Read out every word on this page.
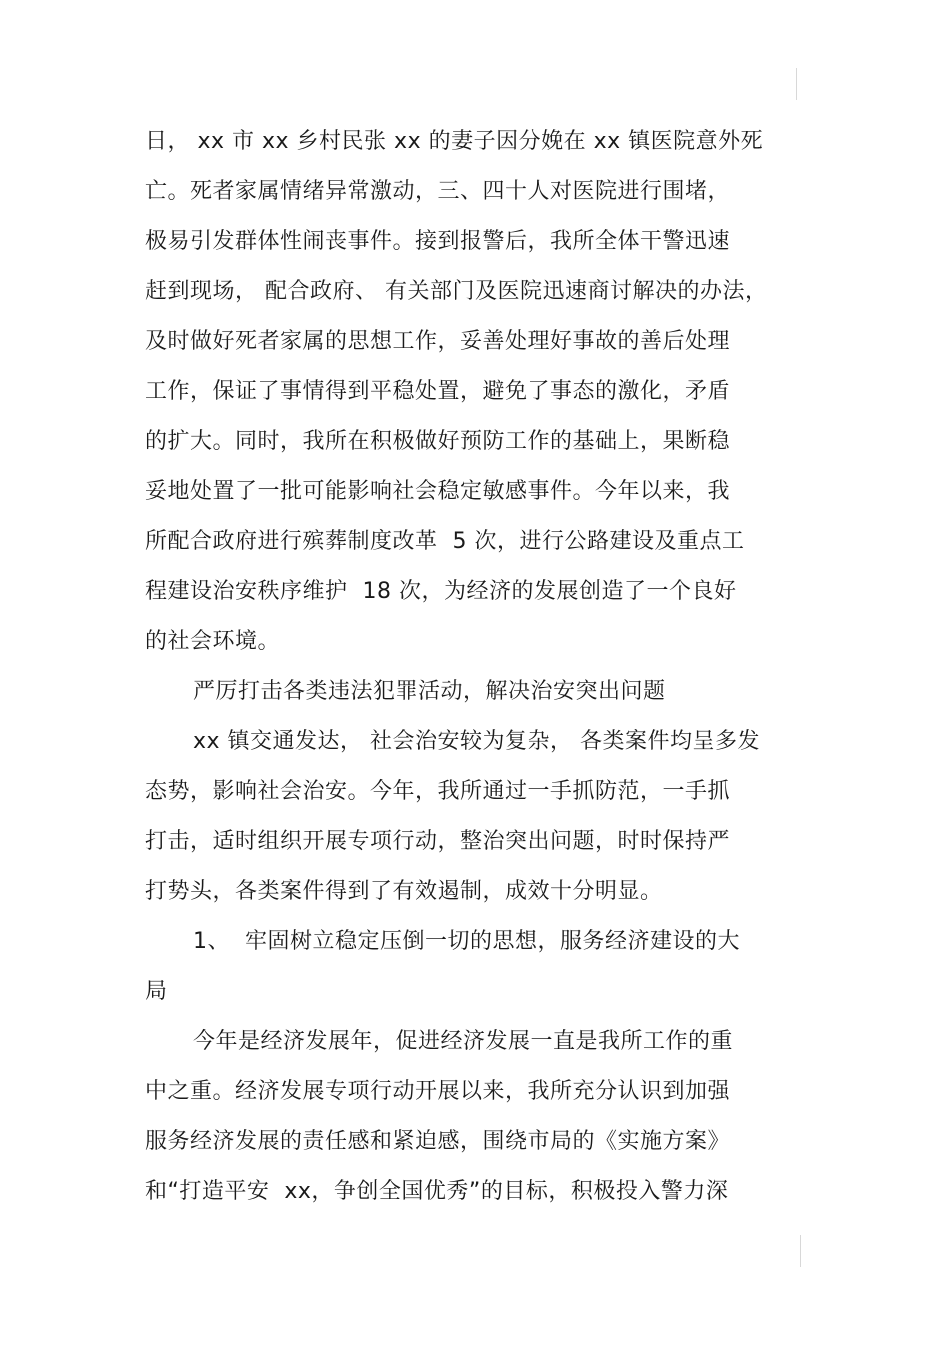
日， xx 市 xx 乡村民张 xx 的妻子因分娩在 xx 镇医院意外死
亡。死者家属情绪异常激动，三、四十人对医院进行围堵，
极易引发群体性闹丧事件。接到报警后，我所全体干警迅速
赶到现场， 配合政府、 有关部门及医院迅速商讨解决的办法，
及时做好死者家属的思想工作，妥善处理好事故的善后处理
工作，保证了事情得到平稳处置，避免了事态的激化，矛盾
的扩大。同时，我所在积极做好预防工作的基础上，果断稳
妥地处置了一批可能影响社会稳定敏感事件。今年以来，我
所配合政府进行殡葬制度改革  5 次，进行公路建设及重点工
程建设治安秩序维护  18 次，为经济的发展创造了一个良好
的社会环境。
严厉打击各类违法犯罪活动，解决治安突出问题
xx 镇交通发达， 社会治安较为复杂， 各类案件均呈多发
态势，影响社会治安。今年，我所通过一手抓防范，一手抓
打击，适时组织开展专项行动，整治突出问题，时时保持严
打势头，各类案件得到了有效遏制，成效十分明显。
1、  牢固树立稳定压倒一切的思想，服务经济建设的大
局
今年是经济发展年，促进经济发展一直是我所工作的重
中之重。经济发展专项行动开展以来，我所充分认识到加强
服务经济发展的责任感和紧迫感，围绕市局的《实施方案》
和“打造平安  xx，争创全国优秀”的目标，积极投入警力深
